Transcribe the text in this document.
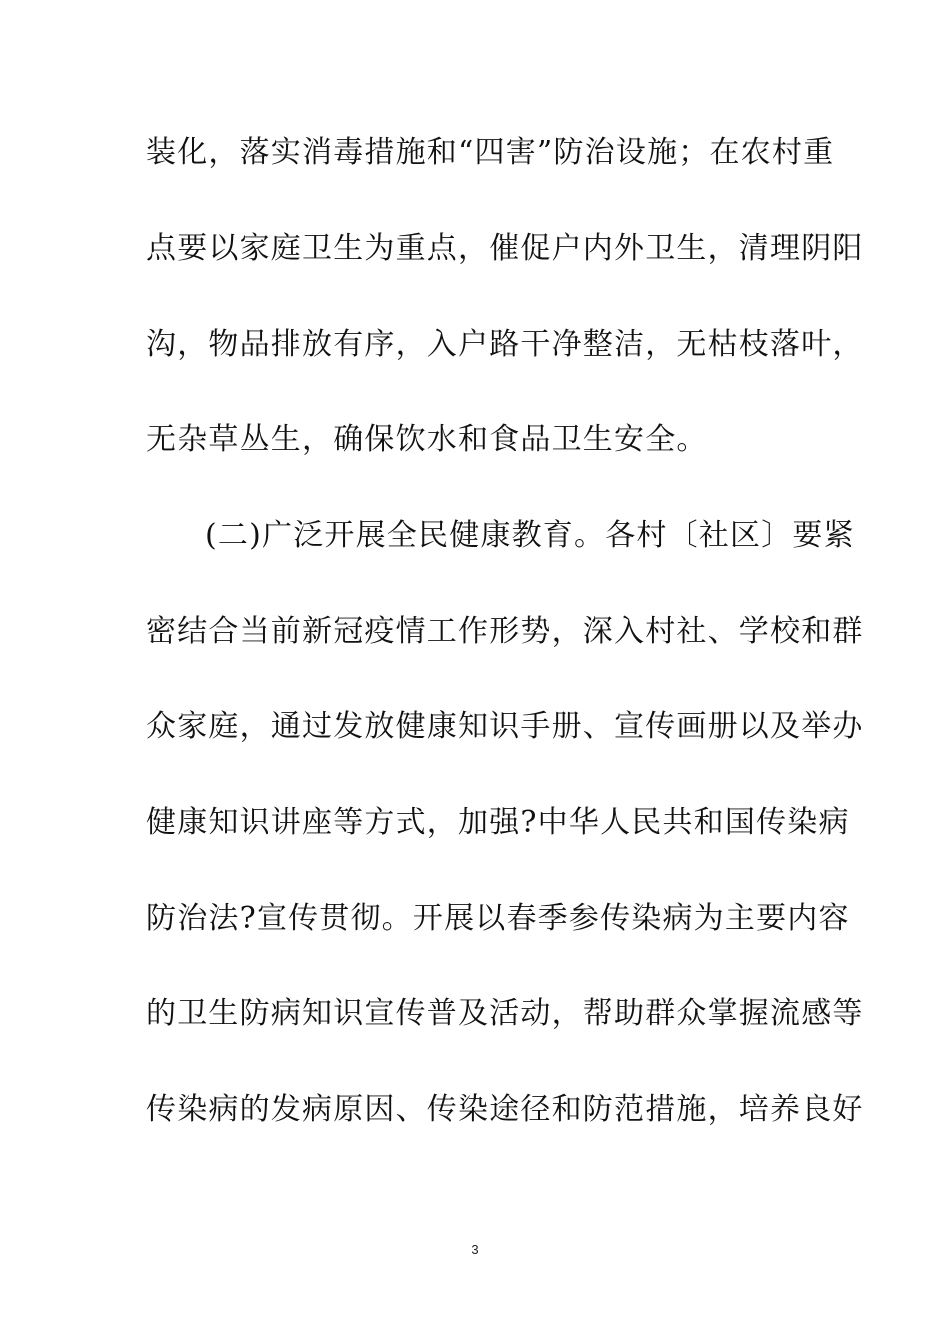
装化，落实消毒措施和“四害”防治设施；在农村重
点要以家庭卫生为重点，催促户内外卫生，清理阴阳
沟，物品排放有序，入户路干净整洁，无枯枝落叶，
无杂草丛生，确保饮水和食品卫生安全。
(二)广泛开展全民健康教育。各村〔社区〕要紧
密结合当前新冠疫情工作形势，深入村社、学校和群
众家庭，通过发放健康知识手册、宣传画册以及举办
健康知识讲座等方式，加强?中华人民共和国传染病
防治法?宣传贯彻。开展以春季参传染病为主要内容
的卫生防病知识宣传普及活动，帮助群众掌握流感等
传染病的发病原因、传染途径和防范措施，培养良好
3
